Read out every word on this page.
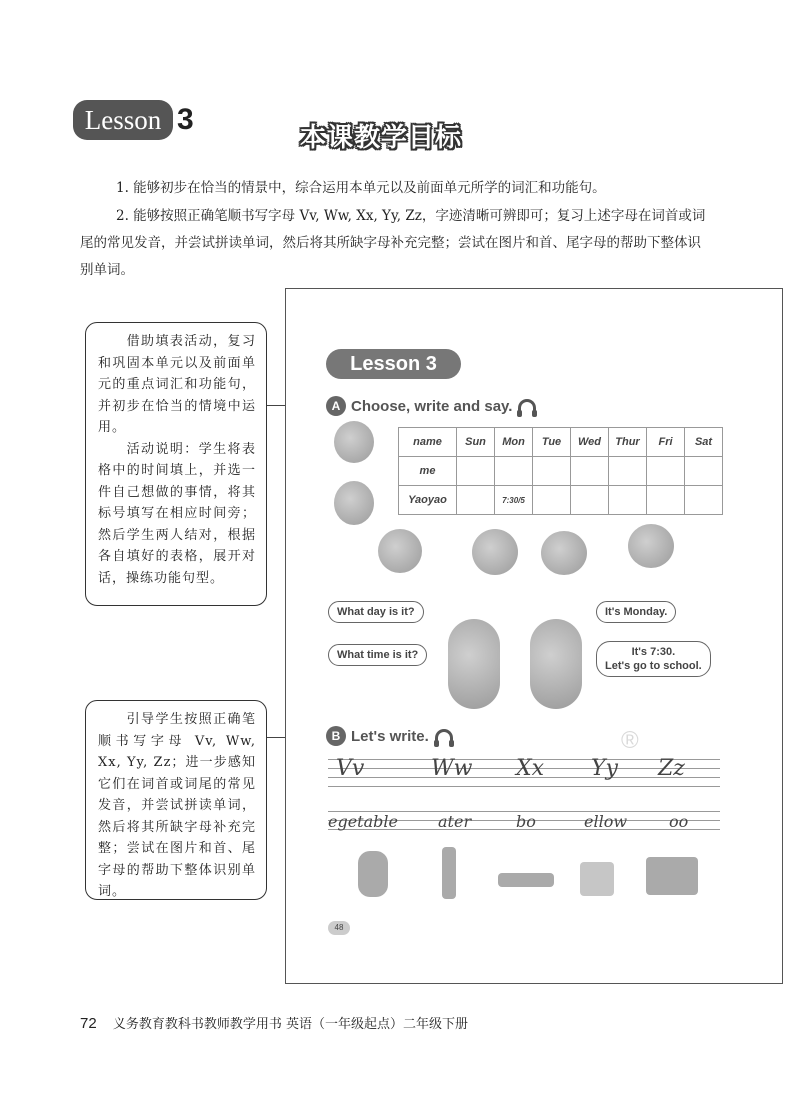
Lesson 3
本课教学目标

1. 能够初步在恰当的情景中，综合运用本单元以及前面单元所学的词汇和功能句。

2. 能够按照正确笔顺书写字母 Vv, Ww, Xx, Yy, Zz，字迹清晰可辨即可；复习上述字母在词首或词尾的常见发音，并尝试拼读单词，然后将其所缺字母补充完整；尝试在图片和首、尾字母的帮助下整体识别单词。

借助填表活动，复习和巩固本单元以及前面单元的重点词汇和功能句，并初步在恰当的情境中运用。

活动说明：学生将表格中的时间填上，并选一件自己想做的事情，将其标号填写在相应时间旁；然后学生两人结对，根据各自填好的表格，展开对话，操练功能句型。

引导学生按照正确笔顺书写字母 Vv, Ww, Xx, Yy, Zz；进一步感知它们在词首或词尾的常见发音，并尝试拼读单词，然后将其所缺字母补充完整；尝试在图片和首、尾字母的帮助下整体识别单词。

Lesson 3
A Choose, write and say.
name	Sun	Mon	Tue	Wed	Thur	Fri	Sat
me							
Yaoyao		7:30/5					
What day is it?
What time is it?
It's Monday.
It's 7:30.
Let's go to school.
B Let's write.	®
Vv	Ww Xx Yy Zz
egetable	ater	bo	ellow	oo
48
72 义务教育教科书教师教学用书 英语（一年级起点）二年级下册
